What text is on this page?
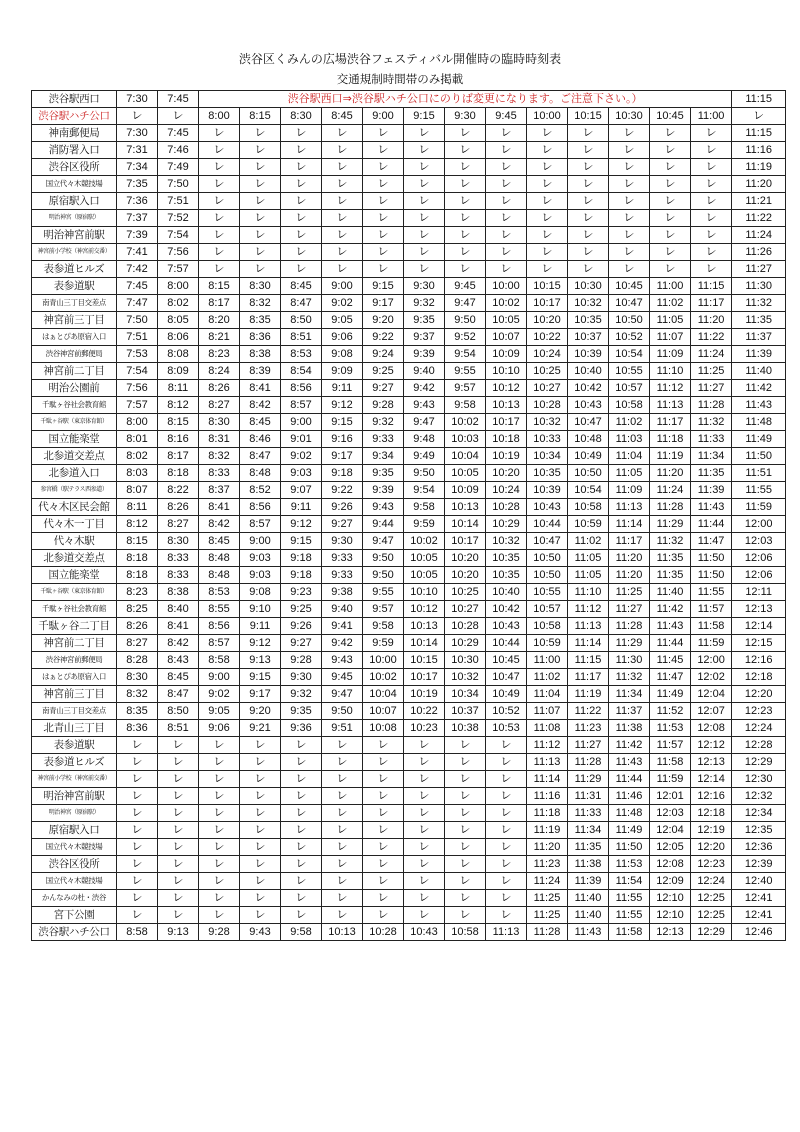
渋谷区くみんの広場渋谷フェスティバル開催時の臨時時刻表
交通規制時間帯のみ掲載
渋谷駅西口	7:30	7:45	渋谷駅西口⇒渋谷駅ハチ公口にのりば変更になります。ご注意下さい。）													11:15
渋谷駅ハチ公口	レ	レ	8:00	8:15	8:30	8:45	9:00	9:15	9:30	9:45	10:00	10:15	10:30	10:45	11:00	レ
神南郵便局	7:30	7:45	レ	レ	レ	レ	レ	レ	レ	レ	レ	レ	レ	レ	レ	11:15
消防署入口	7:31	7:46	レ	レ	レ	レ	レ	レ	レ	レ	レ	レ	レ	レ	レ	11:16
渋谷区役所	7:34	7:49	レ	レ	レ	レ	レ	レ	レ	レ	レ	レ	レ	レ	レ	11:19
国立代々木競技場	7:35	7:50	レ	レ	レ	レ	レ	レ	レ	レ	レ	レ	レ	レ	レ	11:20
原宿駅入口	7:36	7:51	レ	レ	レ	レ	レ	レ	レ	レ	レ	レ	レ	レ	レ	11:21
明治神宮（原宿駅）	7:37	7:52	レ	レ	レ	レ	レ	レ	レ	レ	レ	レ	レ	レ	レ	11:22
明治神宮前駅	7:39	7:54	レ	レ	レ	レ	レ	レ	レ	レ	レ	レ	レ	レ	レ	11:24
神宮前小学校（神宮前交番）	7:41	7:56	レ	レ	レ	レ	レ	レ	レ	レ	レ	レ	レ	レ	レ	11:26
表参道ヒルズ	7:42	7:57	レ	レ	レ	レ	レ	レ	レ	レ	レ	レ	レ	レ	レ	11:27
表参道駅	7:45	8:00	8:15	8:30	8:45	9:00	9:15	9:30	9:45	10:00	10:15	10:30	10:45	11:00	11:15	11:30
南青山三丁目交差点	7:47	8:02	8:17	8:32	8:47	9:02	9:17	9:32	9:47	10:02	10:17	10:32	10:47	11:02	11:17	11:32
神宮前三丁目	7:50	8:05	8:20	8:35	8:50	9:05	9:20	9:35	9:50	10:05	10:20	10:35	10:50	11:05	11:20	11:35
はぁとぴあ原宿入口	7:51	8:06	8:21	8:36	8:51	9:06	9:22	9:37	9:52	10:07	10:22	10:37	10:52	11:07	11:22	11:37
渋谷神宮前郵便局	7:53	8:08	8:23	8:38	8:53	9:08	9:24	9:39	9:54	10:09	10:24	10:39	10:54	11:09	11:24	11:39
神宮前二丁目	7:54	8:09	8:24	8:39	8:54	9:09	9:25	9:40	9:55	10:10	10:25	10:40	10:55	11:10	11:25	11:40
明治公園前	7:56	8:11	8:26	8:41	8:56	9:11	9:27	9:42	9:57	10:12	10:27	10:42	10:57	11:12	11:27	11:42
千駄ヶ谷社会教育館	7:57	8:12	8:27	8:42	8:57	9:12	9:28	9:43	9:58	10:13	10:28	10:43	10:58	11:13	11:28	11:43
千駄ヶ谷駅（東京体育館）	8:00	8:15	8:30	8:45	9:00	9:15	9:32	9:47	10:02	10:17	10:32	10:47	11:02	11:17	11:32	11:48
国立能楽堂	8:01	8:16	8:31	8:46	9:01	9:16	9:33	9:48	10:03	10:18	10:33	10:48	11:03	11:18	11:33	11:49
北参道交差点	8:02	8:17	8:32	8:47	9:02	9:17	9:34	9:49	10:04	10:19	10:34	10:49	11:04	11:19	11:34	11:50
北参道入口	8:03	8:18	8:33	8:48	9:03	9:18	9:35	9:50	10:05	10:20	10:35	10:50	11:05	11:20	11:35	11:51
参宮橋（駅テラス西参道）	8:07	8:22	8:37	8:52	9:07	9:22	9:39	9:54	10:09	10:24	10:39	10:54	11:09	11:24	11:39	11:55
代々木区民会館	8:11	8:26	8:41	8:56	9:11	9:26	9:43	9:58	10:13	10:28	10:43	10:58	11:13	11:28	11:43	11:59
代々木一丁目	8:12	8:27	8:42	8:57	9:12	9:27	9:44	9:59	10:14	10:29	10:44	10:59	11:14	11:29	11:44	12:00
代々木駅	8:15	8:30	8:45	9:00	9:15	9:30	9:47	10:02	10:17	10:32	10:47	11:02	11:17	11:32	11:47	12:03
北参道交差点	8:18	8:33	8:48	9:03	9:18	9:33	9:50	10:05	10:20	10:35	10:50	11:05	11:20	11:35	11:50	12:06
国立能楽堂	8:18	8:33	8:48	9:03	9:18	9:33	9:50	10:05	10:20	10:35	10:50	11:05	11:20	11:35	11:50	12:06
千駄ヶ谷駅（東京体育館）	8:23	8:38	8:53	9:08	9:23	9:38	9:55	10:10	10:25	10:40	10:55	11:10	11:25	11:40	11:55	12:11
千駄ヶ谷社会教育館	8:25	8:40	8:55	9:10	9:25	9:40	9:57	10:12	10:27	10:42	10:57	11:12	11:27	11:42	11:57	12:13
千駄ヶ谷二丁目	8:26	8:41	8:56	9:11	9:26	9:41	9:58	10:13	10:28	10:43	10:58	11:13	11:28	11:43	11:58	12:14
神宮前二丁目	8:27	8:42	8:57	9:12	9:27	9:42	9:59	10:14	10:29	10:44	10:59	11:14	11:29	11:44	11:59	12:15
渋谷神宮前郵便局	8:28	8:43	8:58	9:13	9:28	9:43	10:00	10:15	10:30	10:45	11:00	11:15	11:30	11:45	12:00	12:16
はぁとぴあ原宿入口	8:30	8:45	9:00	9:15	9:30	9:45	10:02	10:17	10:32	10:47	11:02	11:17	11:32	11:47	12:02	12:18
神宮前三丁目	8:32	8:47	9:02	9:17	9:32	9:47	10:04	10:19	10:34	10:49	11:04	11:19	11:34	11:49	12:04	12:20
南青山三丁目交差点	8:35	8:50	9:05	9:20	9:35	9:50	10:07	10:22	10:37	10:52	11:07	11:22	11:37	11:52	12:07	12:23
北青山三丁目	8:36	8:51	9:06	9:21	9:36	9:51	10:08	10:23	10:38	10:53	11:08	11:23	11:38	11:53	12:08	12:24
表参道駅	レ	レ	レ	レ	レ	レ	レ	レ	レ	レ	11:12	11:27	11:42	11:57	12:12	12:28
表参道ヒルズ	レ	レ	レ	レ	レ	レ	レ	レ	レ	レ	11:13	11:28	11:43	11:58	12:13	12:29
神宮前小学校（神宮前交番）	レ	レ	レ	レ	レ	レ	レ	レ	レ	レ	11:14	11:29	11:44	11:59	12:14	12:30
明治神宮前駅	レ	レ	レ	レ	レ	レ	レ	レ	レ	レ	11:16	11:31	11:46	12:01	12:16	12:32
明治神宮（原宿駅）	レ	レ	レ	レ	レ	レ	レ	レ	レ	レ	11:18	11:33	11:48	12:03	12:18	12:34
原宿駅入口	レ	レ	レ	レ	レ	レ	レ	レ	レ	レ	11:19	11:34	11:49	12:04	12:19	12:35
国立代々木競技場	レ	レ	レ	レ	レ	レ	レ	レ	レ	レ	11:20	11:35	11:50	12:05	12:20	12:36
渋谷区役所	レ	レ	レ	レ	レ	レ	レ	レ	レ	レ	11:23	11:38	11:53	12:08	12:23	12:39
国立代々木競技場	レ	レ	レ	レ	レ	レ	レ	レ	レ	レ	11:24	11:39	11:54	12:09	12:24	12:40
かんなみの杜・渋谷	レ	レ	レ	レ	レ	レ	レ	レ	レ	レ	11:25	11:40	11:55	12:10	12:25	12:41
宮下公園	レ	レ	レ	レ	レ	レ	レ	レ	レ	レ	11:25	11:40	11:55	12:10	12:25	12:41
渋谷駅ハチ公口	8:58	9:13	9:28	9:43	9:58	10:13	10:28	10:43	10:58	11:13	11:28	11:43	11:58	12:13	12:29	12:46
